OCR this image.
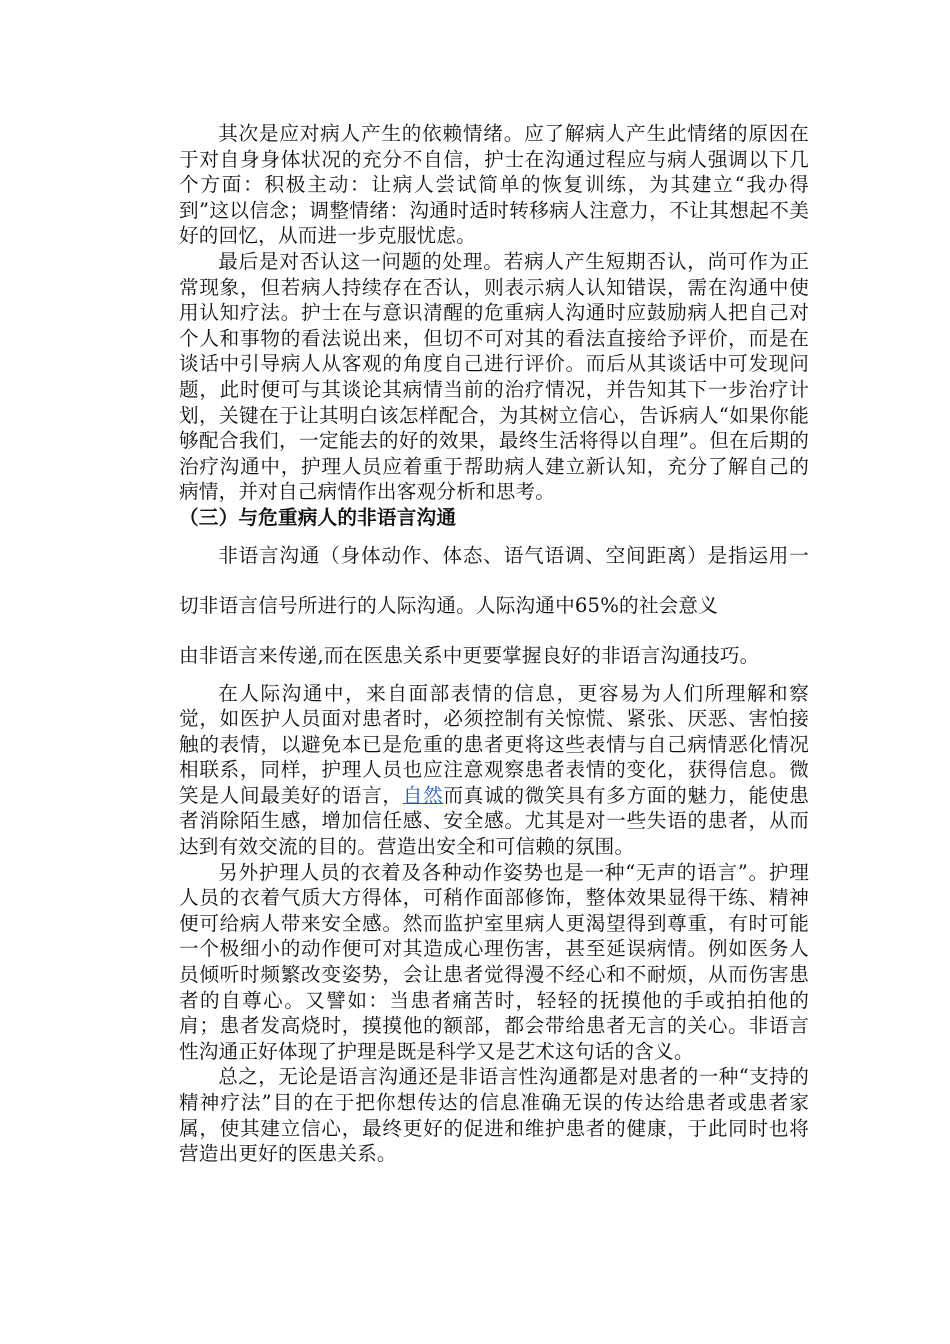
其次是应对病人产生的依赖情绪。应了解病人产生此情绪的原因在于对自身身体状况的充分不自信，护士在沟通过程应与病人强调以下几个方面：积极主动：让病人尝试简单的恢复训练，为其建立“我办得到”这以信念；调整情绪：沟通时适时转移病人注意力，不让其想起不美好的回忆，从而进一步克服忧虑。

最后是对否认这一问题的处理。若病人产生短期否认，尚可作为正常现象，但若病人持续存在否认，则表示病人认知错误，需在沟通中使用认知疗法。护士在与意识清醒的危重病人沟通时应鼓励病人把自己对个人和事物的看法说出来，但切不可对其的看法直接给予评价，而是在谈话中引导病人从客观的角度自己进行评价。而后从其谈话中可发现问题，此时便可与其谈论其病情当前的治疗情况，并告知其下一步治疗计划，关键在于让其明白该怎样配合，为其树立信心，告诉病人“如果你能够配合我们，一定能去的好的效果，最终生活将得以自理”。但在后期的治疗沟通中，护理人员应着重于帮助病人建立新认知，充分了解自己的病情，并对自己病情作出客观分析和思考。

（三）与危重病人的非语言沟通

非语言沟通（身体动作、体态、语气语调、空间距离）是指运用一切非语言信号所进行的人际沟通。人际沟通中65%的社会意义

由非语言来传递,而在医患关系中更要掌握良好的非语言沟通技巧。

在人际沟通中，来自面部表情的信息，更容易为人们所理解和察觉，如医护人员面对患者时，必须控制有关惊慌、紧张、厌恶、害怕接触的表情，以避免本已是危重的患者更将这些表情与自己病情恶化情况相联系，同样，护理人员也应注意观察患者表情的变化，获得信息。微笑是人间最美好的语言，自然而真诚的微笑具有多方面的魅力，能使患者消除陌生感，增加信任感、安全感。尤其是对一些失语的患者，从而达到有效交流的目的。营造出安全和可信赖的氛围。

另外护理人员的衣着及各种动作姿势也是一种“无声的语言”。护理人员的衣着气质大方得体，可稍作面部修饰，整体效果显得干练、精神便可给病人带来安全感。然而监护室里病人更渴望得到尊重，有时可能一个极细小的动作便可对其造成心理伤害，甚至延误病情。例如医务人员倾听时频繁改变姿势，会让患者觉得漫不经心和不耐烦，从而伤害患者的自尊心。又譬如：当患者痛苦时，轻轻的抚摸他的手或拍拍他的肩；患者发高烧时，摸摸他的额部，都会带给患者无言的关心。非语言性沟通正好体现了护理是既是科学又是艺术这句话的含义。

总之，无论是语言沟通还是非语言性沟通都是对患者的一种“支持的精神疗法”目的在于把你想传达的信息准确无误的传达给患者或患者家属，使其建立信心，最终更好的促进和维护患者的健康，于此同时也将营造出更好的医患关系。
